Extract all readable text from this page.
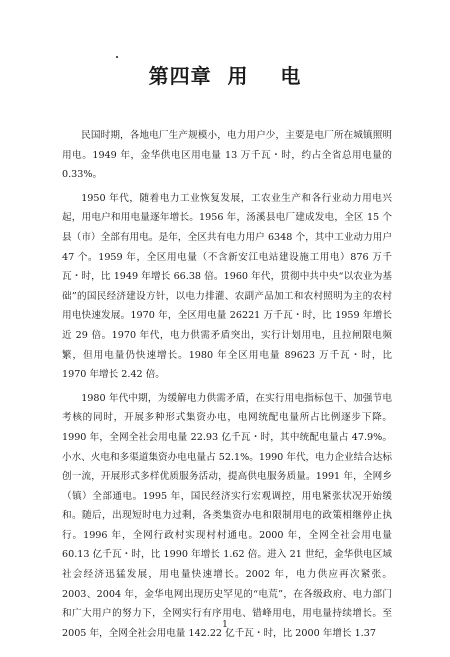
第四章  用    电

民国时期，各地电厂生产规模小，电力用户少，主要是电厂所在城镇照明用电。1949 年，金华供电区用电量 13 万千瓦・时，约占全省总用电量的 0.33%。

1950 年代，随着电力工业恢复发展，工农业生产和各行业动力用电兴起，用电户和用电量逐年增长。1956 年，汤溪县电厂建成发电，全区 15 个县（市）全部有用电。是年，全区共有电力用户 6348 个，其中工业动力用户 47 个。1959 年，全区用电量（不含新安江电站建设施工用电）876 万千瓦・时，比 1949 年增长 66.38 倍。1960 年代，贯彻中共中央“以农业为基础”的国民经济建设方针，以电力排灌、农副产品加工和农村照明为主的农村用电快速发展。1970 年，全区用电量 26221 万千瓦・时，比 1959 年增长近 29 倍。1970 年代，电力供需矛盾突出，实行计划用电，且拉闸限电频繁，但用电量仍快速增长。1980 年全区用电量 89623 万千瓦・时，比 1970 年增长 2.42 倍。

1980 年代中期，为缓解电力供需矛盾，在实行用电指标包干、加强节电考核的同时，开展多种形式集资办电，电网统配电量所占比例逐步下降。1990 年，全网全社会用电量 22.93 亿千瓦・时，其中统配电量占 47.9%。小水、火电和多渠道集资办电电量占 52.1%。1990 年代，电力企业结合达标创一流，开展形式多样优质服务活动，提高供电服务质量。1991 年，全网乡（镇）全部通电。1995 年，国民经济实行宏观调控，用电紧张状况开始缓和。随后，出现短时电力过剩，各类集资办电和限制用电的政策相继停止执行。1996 年，全网行政村实现村村通电。2000 年，全网全社会用电量 60.13 亿千瓦・时，比 1990 年增长 1.62 倍。进入 21 世纪，金华供电区域社会经济迅猛发展，用电量快速增长。2002 年，电力供应再次紧张。2003、2004 年，金华电网出现历史罕见的“电荒”，在各级政府、电力部门和广大用户的努力下，全网实行有序用电、错峰用电，用电量持续增长。至 2005 年，全网全社会用电量 142.22 亿千瓦・时，比 2000 年增长 1.37

1
